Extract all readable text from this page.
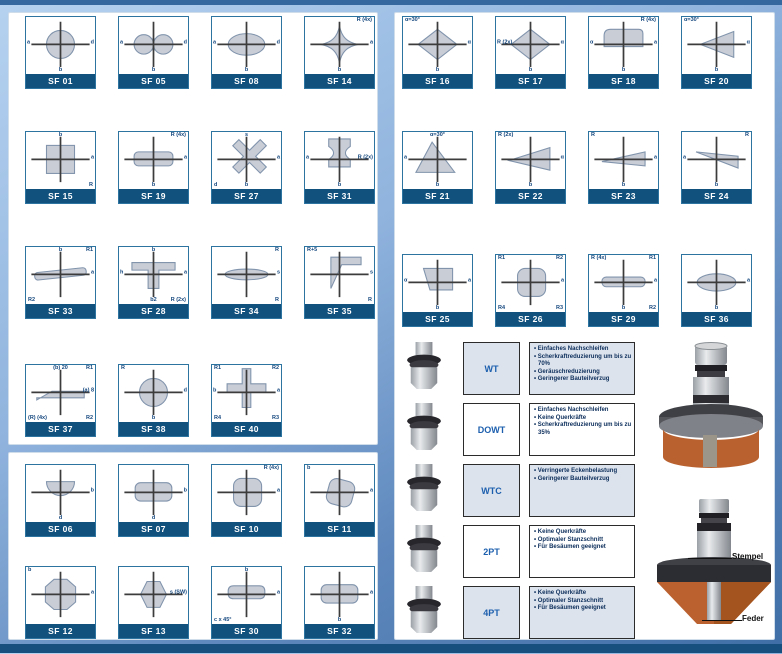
a	d
b
SF 01
a	d
b
SF 05
a	d
b
SF 08
R (4x)
a
b
SF 14
b
a
R
SF 15
R (4x)
a
b
SF 19
s
a
b
d
SF 27
a	R (2x)
b
SF 31
b	R1
a
R2
SF 33
b
a
R (2x)
h
b2
SF 28
R
s
R
SF 34
R+5
s
R
SF 35
(b) 20	R1
(a) 8
R2
(R) (4x)
SF 37
R
d
b
SF 38
R1	R2
a
b
R4	R3
SF 40
b
d
SF 06
b
d
SF 07
R (4x)
a
SF 10
b
a
SF 11
b
a
SF 12
s (SW)
SF 13
b
a
c x 45°
SF 30
a
b
SF 32
α=30°
α
b
SF 16
R (2x)	α
b
SF 17
R (4x)
a
α
b
SF 18
α=30°
α
b
SF 20
α=30°
a
b
SF 21
R (2x)
α
b
SF 22
R
a
b
SF 23
a
R
b
SF 24
a
α
b
SF 25
R1	R2
a
R4	R3
SF 26
R (4x)	R1
a
R2
b
SF 29
a
b
SF 36
WT
• Einfaches Nachschleifen
• Scherkraftreduzierung um bis zu 70%
• Geräuschreduzierung
• Geringerer Bauteilverzug
DOWT
• Einfaches Nachschleifen
• Keine Querkräfte
• Scherkraftreduzierung um bis zu 35%
WTC
• Verringerte Eckenbelastung
• Geringerer Bauteilverzug
2PT
• Keine Querkräfte
• Optimaler Stanzschnitt
• Für Besäumen geeignet
4PT
• Keine Querkräfte
• Optimaler Stanzschnitt
• Für Besäumen geeignet
Stempel
Feder
